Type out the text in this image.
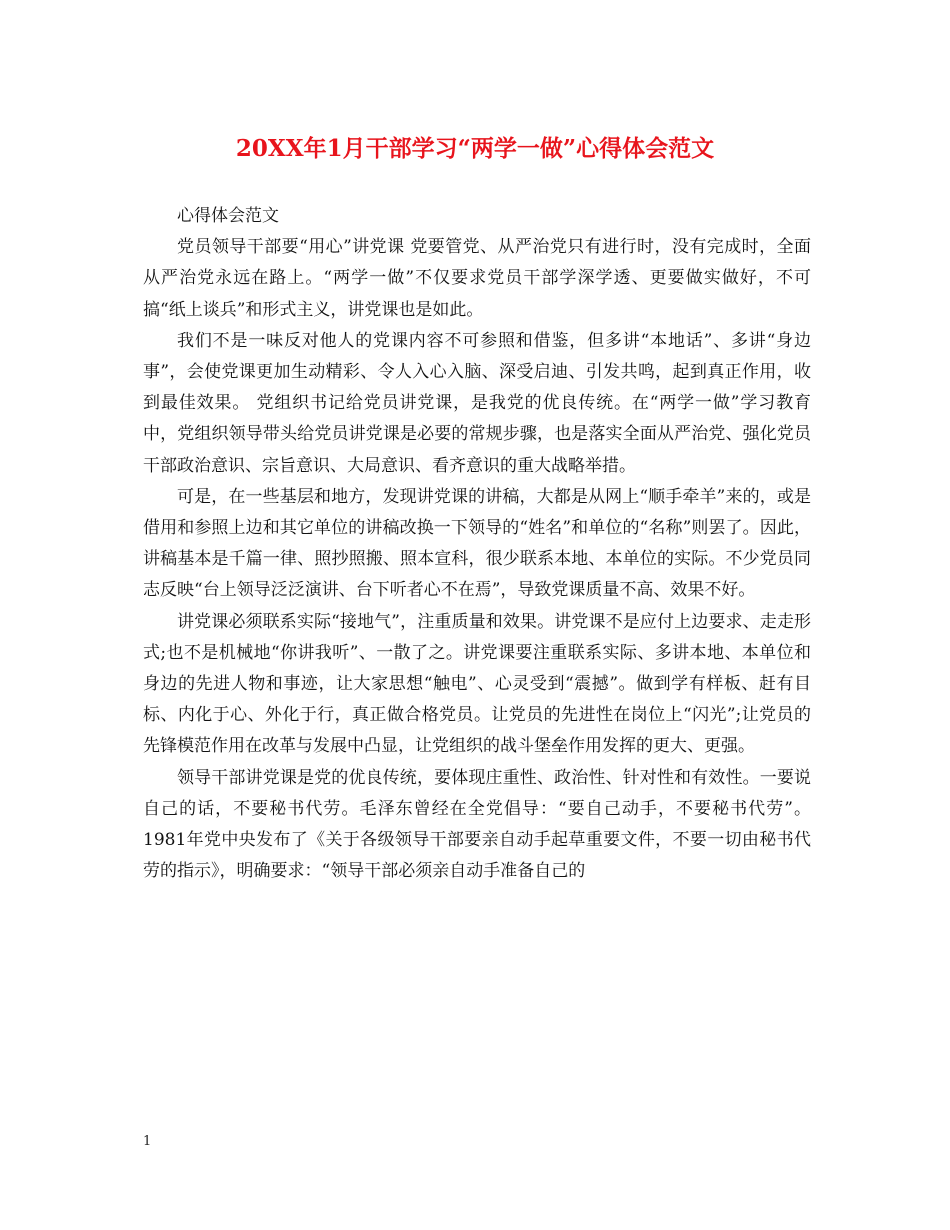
20XX年1月干部学习“两学一做”心得体会范文

心得体会范文

党员领导干部要“用心”讲党课 党要管党、从严治党只有进行时，没有完成时，全面从严治党永远在路上。“两学一做”不仅要求党员干部学深学透、更要做实做好，不可搞“纸上谈兵”和形式主义，讲党课也是如此。

我们不是一味反对他人的党课内容不可参照和借鉴，但多讲“本地话”、多讲“身边事”，会使党课更加生动精彩、令人入心入脑、深受启迪、引发共鸣，起到真正作用，收到最佳效果。 党组织书记给党员讲党课，是我党的优良传统。在“两学一做”学习教育中，党组织领导带头给党员讲党课是必要的常规步骤，也是落实全面从严治党、强化党员干部政治意识、宗旨意识、大局意识、看齐意识的重大战略举措。

可是，在一些基层和地方，发现讲党课的讲稿，大都是从网上“顺手牵羊”来的，或是借用和参照上边和其它单位的讲稿改换一下领导的“姓名”和单位的“名称”则罢了。因此，讲稿基本是千篇一律、照抄照搬、照本宣科，很少联系本地、本单位的实际。不少党员同志反映“台上领导泛泛演讲、台下听者心不在焉”，导致党课质量不高、效果不好。

讲党课必须联系实际“接地气”，注重质量和效果。讲党课不是应付上边要求、走走形式;也不是机械地“你讲我听”、一散了之。讲党课要注重联系实际、多讲本地、本单位和身边的先进人物和事迹，让大家思想“触电”、心灵受到“震撼”。做到学有样板、赶有目标、内化于心、外化于行，真正做合格党员。让党员的先进性在岗位上“闪光”;让党员的先锋模范作用在改革与发展中凸显，让党组织的战斗堡垒作用发挥的更大、更强。

领导干部讲党课是党的优良传统，要体现庄重性、政治性、针对性和有效性。一要说自己的话，不要秘书代劳。毛泽东曾经在全党倡导：“要自己动手，不要秘书代劳”。1981年党中央发布了《关于各级领导干部要亲自动手起草重要文件，不要一切由秘书代劳的指示》，明确要求：“领导干部必须亲自动手准备自己的

1
